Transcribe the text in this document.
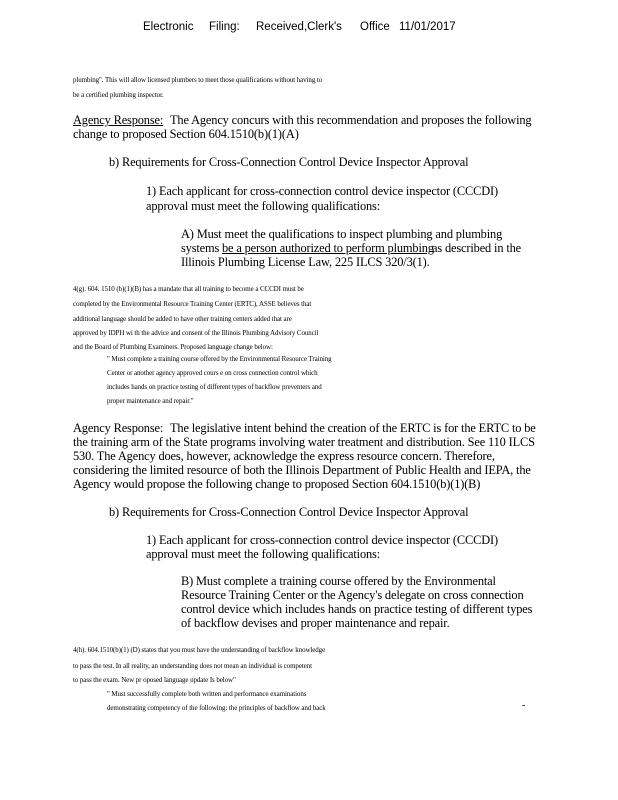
Electronic Filing: Received,Clerk's Office 11/01/2017
plumbing". This will allow licensed plumbers to meet those qualifications without having to
be a certified plumbing inspector.
Agency Response: The Agency concurs with this recommendation and proposes the following
change to proposed Section 604.1510(b)(1)(A)
b) Requirements for Cross-Connection Control Device Inspector Approval
1) Each applicant for cross-connection control device inspector (CCCDI)
approval must meet the following qualifications:
A) Must meet the qualifications to inspect plumbing and plumbing
systems be a person authorized to perform plumbing
as described in the
Illinois Plumbing License Law, 225 ILCS 320/3(1).
4(g). 604. 1510 (b)(1)(B) has a mandate that all training to become a CCCDI must be
completed by the Environmental Resource Training Center (ERTC), ASSE believes that
additional language should be added to have other training centers added that are
approved by IDPH wi th the advice and consent of the Illinois Plumbing Advisory Council
and the Board of Plumbing Examiners. Proposed language change below:
" Must complete a training course offered by the Environmental Resource Training
Center or another agency approved cours e on cross connection control which
includes hands on practice testing of different types of backflow preventers and
proper maintenance and repair."
Agency Response: The legislative intent behind the creation of the ERTC is for the ERTC to be
the training arm of the State programs involving water treatment and distribution. See 110 ILCS
530. The Agency does, however, acknowledge the express resource concern. Therefore,
considering the limited resource of both the Illinois Department of Public Health and IEPA, the
Agency would propose the following change to proposed Section 604.1510(b)(1)(B)
b) Requirements for Cross-Connection Control Device Inspector Approval
1) Each applicant for cross-connection control device inspector (CCCDI)
approval must meet the following qualifications:
B) Must complete a training course offered by the Environmental
Resource Training Center or the Agency's delegate on cross connection
control device which includes hands on practice testing of different types
of backflow devises and proper maintenance and repair.
4(h). 604.1510(b)(1) (D) states that you must have the understanding of backflow knowledge
to pass the test. In all reality, an understanding does not mean an individual is competent
to pass the exam. New pr oposed language update Is below"
" Must successfully complete both written and performance examinations
demonstrating competency of the following: the principles of backflow and back	-
